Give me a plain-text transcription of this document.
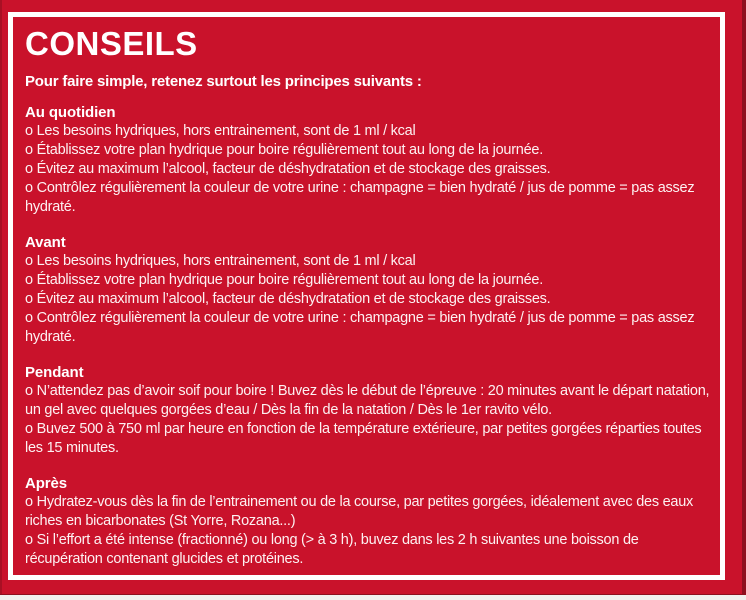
CONSEILS

Pour faire simple, retenez surtout les principes suivants :

Au quotidien

o Les besoins hydriques, hors entrainement, sont de 1 ml / kcal

o Établissez votre plan hydrique pour boire régulièrement tout au long de la journée.

o Évitez au maximum l’alcool, facteur de déshydratation et de stockage des graisses.

o Contrôlez régulièrement la couleur de votre urine : champagne = bien hydraté / jus de pomme = pas assez hydraté.

Avant

o Les besoins hydriques, hors entrainement, sont de 1 ml / kcal

o Établissez votre plan hydrique pour boire régulièrement tout au long de la journée.

o Évitez au maximum l’alcool, facteur de déshydratation et de stockage des graisses.

o Contrôlez régulièrement la couleur de votre urine : champagne = bien hydraté / jus de pomme = pas assez hydraté.

Pendant

o N’attendez pas d’avoir soif pour boire ! Buvez dès le début de l’épreuve : 20 minutes avant le départ natation, un gel avec quelques gorgées d’eau / Dès la fin de la natation / Dès le 1er ravito vélo.

o Buvez 500 à 750 ml par heure en fonction de la température extérieure, par petites gorgées réparties toutes les 15 minutes.

Après

o Hydratez-vous dès la fin de l’entrainement ou de la course, par petites gorgées, idéalement avec des eaux riches en bicarbonates (St Yorre, Rozana...)

o Si l’effort a été intense (fractionné) ou long (> à 3 h), buvez dans les 2 h suivantes une boisson de récupération contenant glucides et protéines.
